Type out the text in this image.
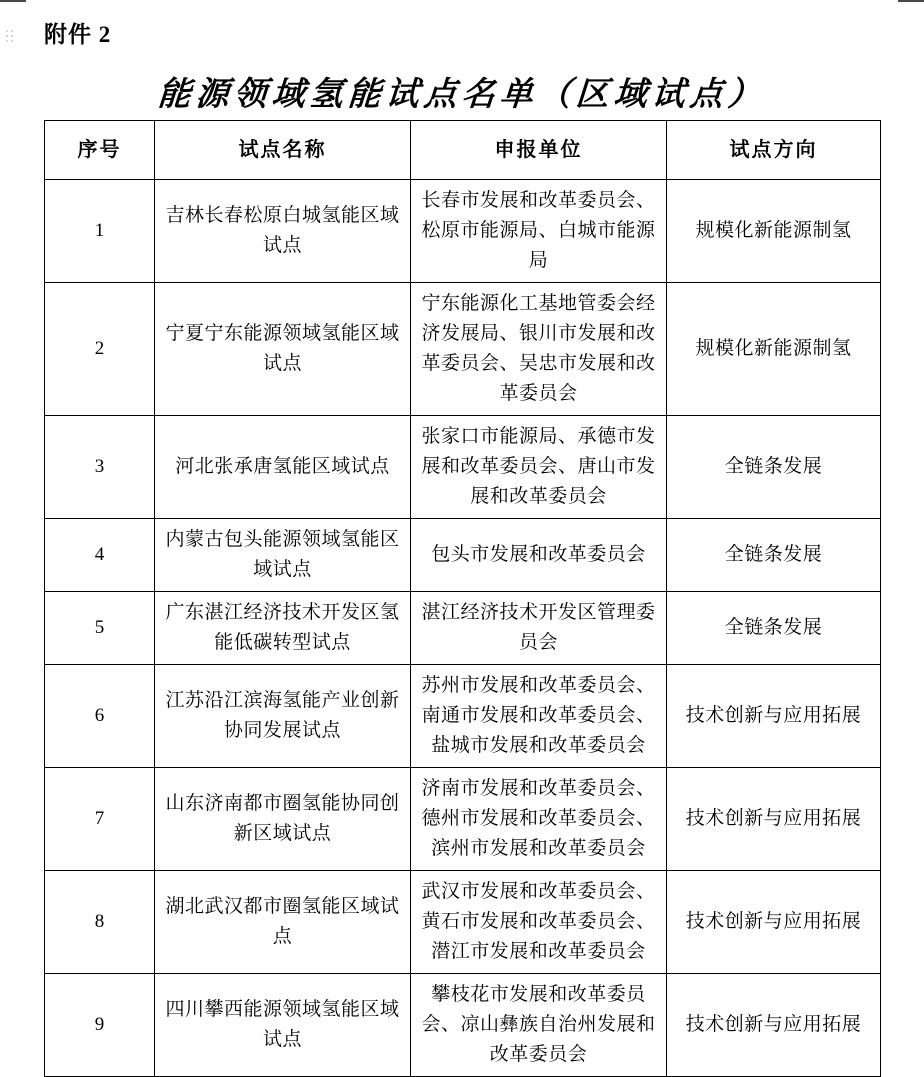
附件 2
能源领域氢能试点名单（区域试点）
序号	试点名称	申报单位	试点方向
1	吉林长春松原白城氢能区域试点	长春市发展和改革委员会、松原市能源局、白城市能源局	规模化新能源制氢
2	宁夏宁东能源领域氢能区域试点	宁东能源化工基地管委会经济发展局、银川市发展和改革委员会、吴忠市发展和改革委员会	规模化新能源制氢
3	河北张承唐氢能区域试点	张家口市能源局、承德市发展和改革委员会、唐山市发展和改革委员会	全链条发展
4	内蒙古包头能源领域氢能区域试点	包头市发展和改革委员会	全链条发展
5	广东湛江经济技术开发区氢能低碳转型试点	湛江经济技术开发区管理委员会	全链条发展
6	江苏沿江滨海氢能产业创新协同发展试点	苏州市发展和改革委员会、南通市发展和改革委员会、盐城市发展和改革委员会	技术创新与应用拓展
7	山东济南都市圈氢能协同创新区域试点	济南市发展和改革委员会、德州市发展和改革委员会、滨州市发展和改革委员会	技术创新与应用拓展
8	湖北武汉都市圈氢能区域试点	武汉市发展和改革委员会、黄石市发展和改革委员会、潜江市发展和改革委员会	技术创新与应用拓展
9	四川攀西能源领域氢能区域试点	攀枝花市发展和改革委员会、凉山彝族自治州发展和改革委员会	技术创新与应用拓展
